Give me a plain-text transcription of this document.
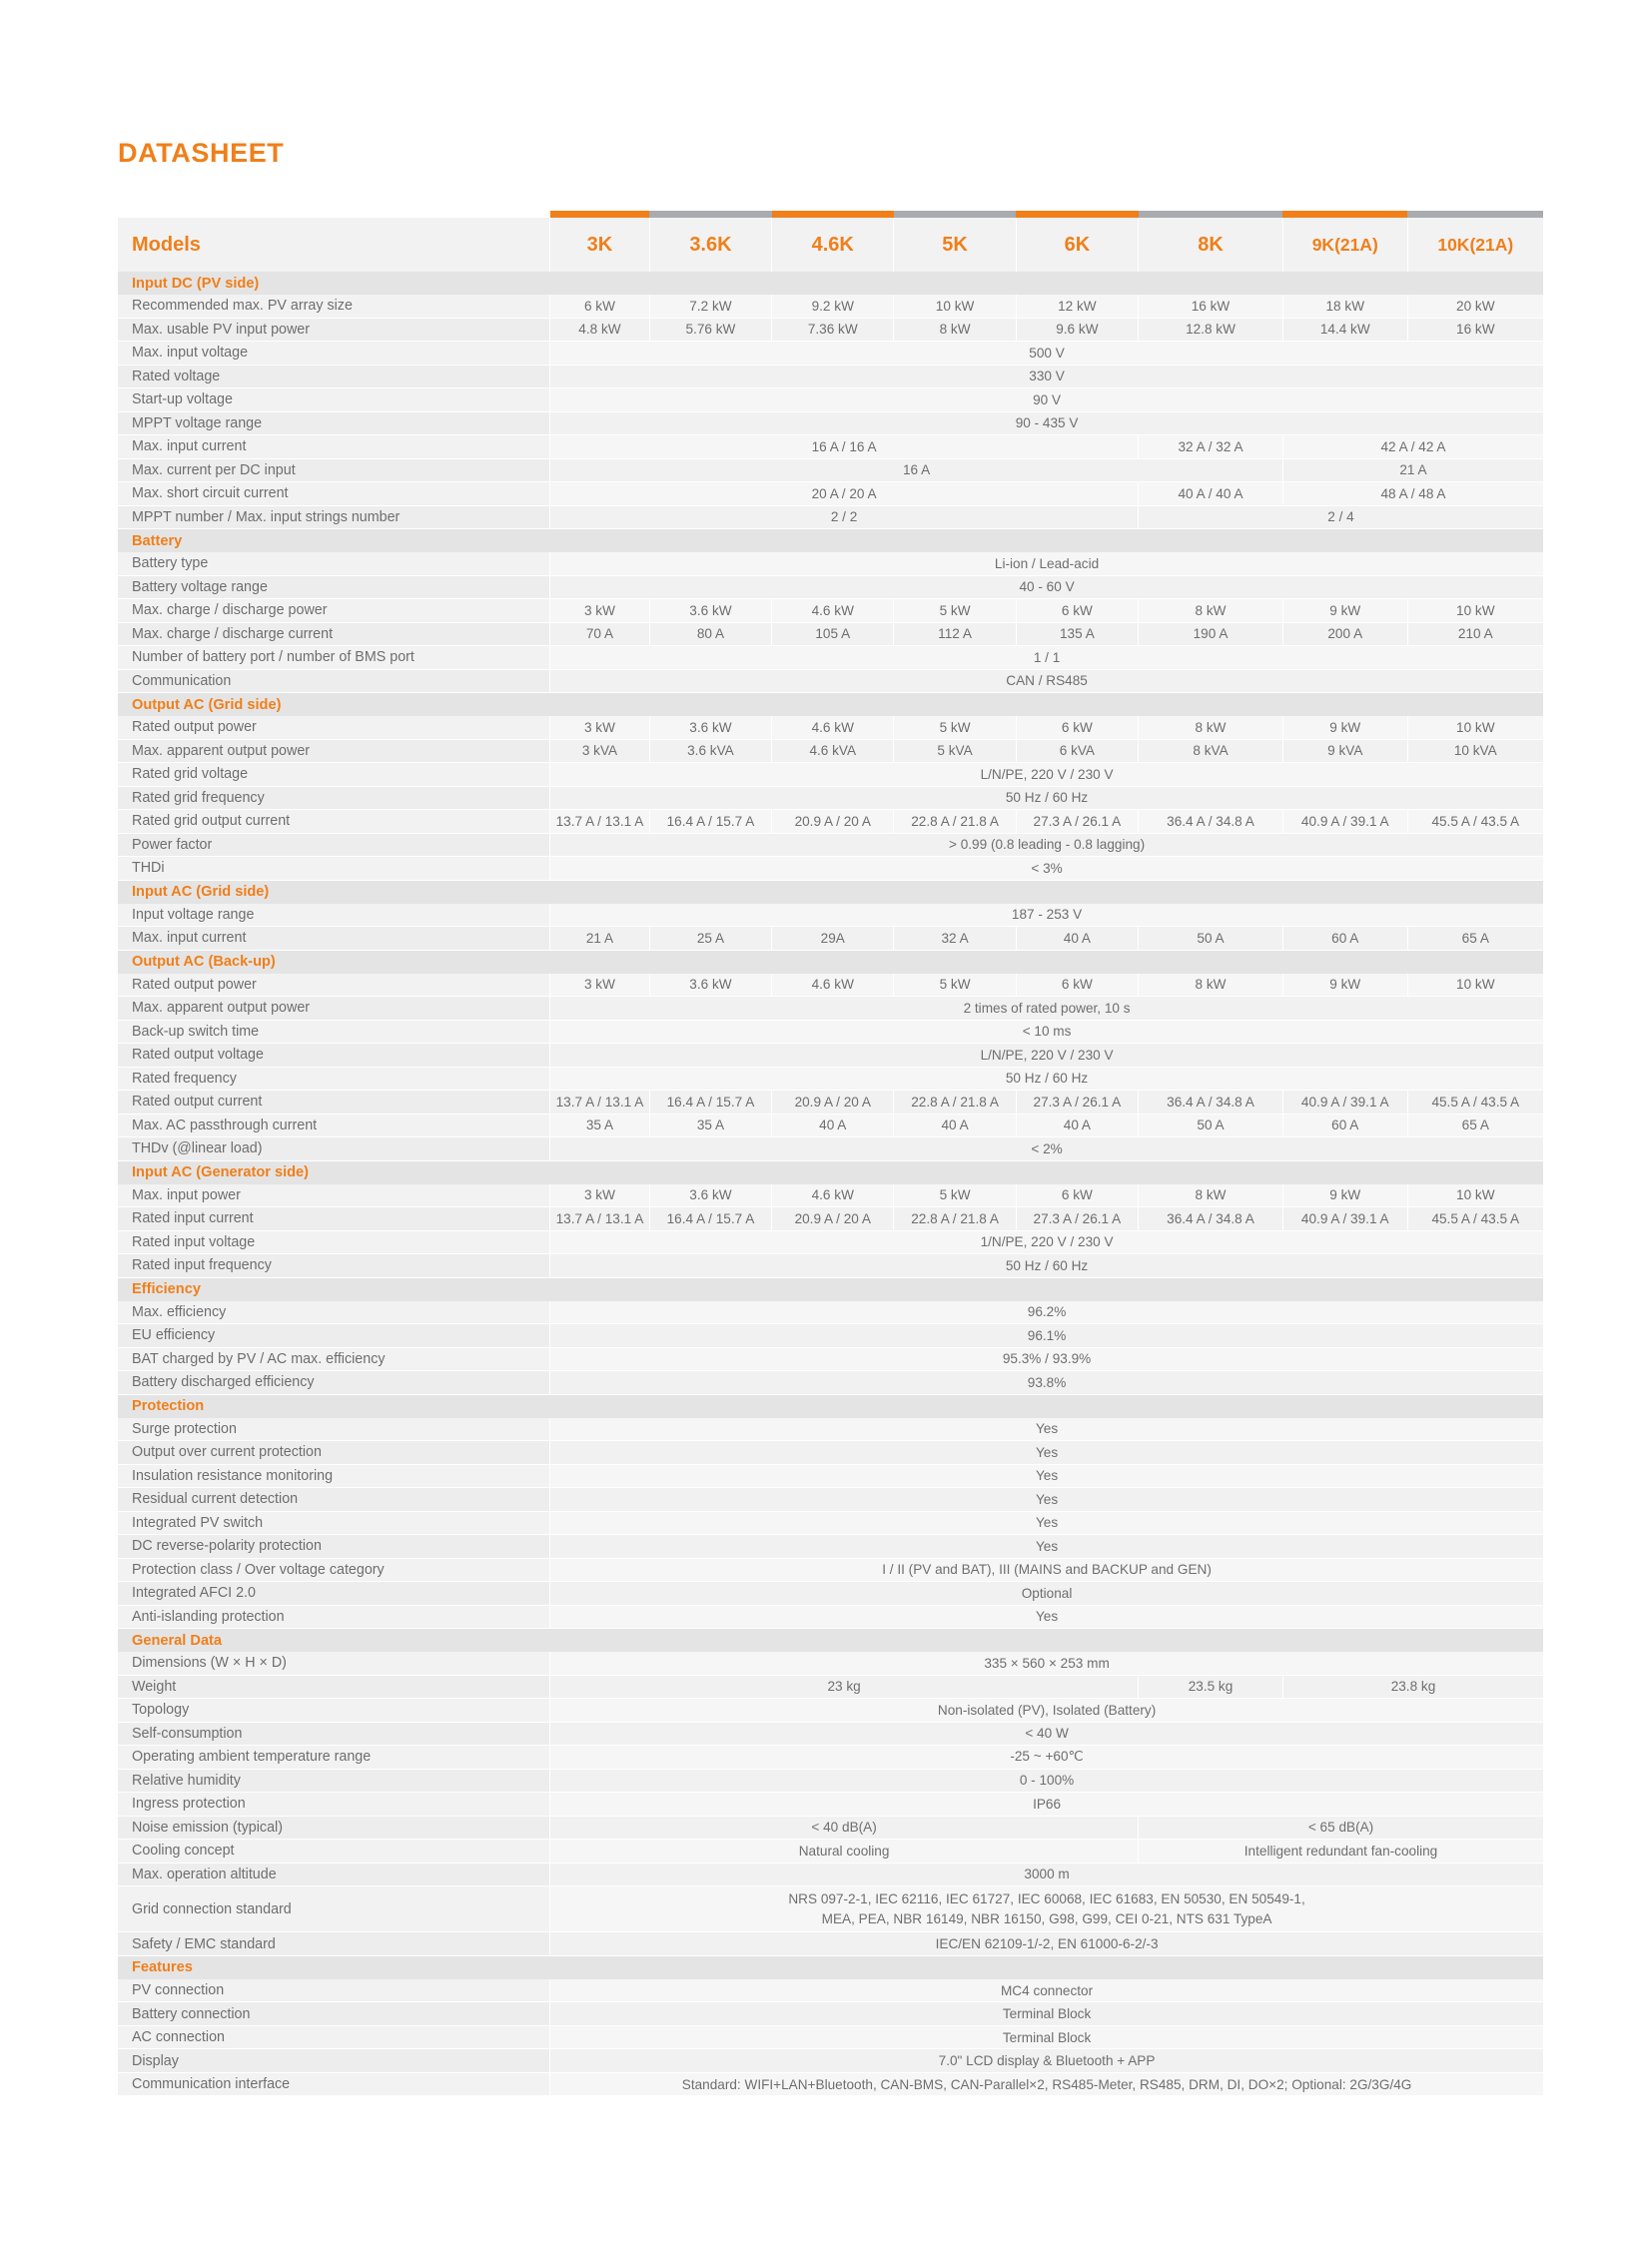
DATASHEET

Models	3K	3.6K	4.6K	5K	6K	8K	9K(21A)	10K(21A)
Input DC (PV side)								
Recommended max. PV array size	6 kW	7.2 kW	9.2 kW	10 kW	12 kW	16 kW	18 kW	20 kW
Max. usable PV input power	4.8 kW	5.76 kW	7.36 kW	8 kW	9.6 kW	12.8 kW	14.4 kW	16 kW
Max. input voltage	500 V							
Rated voltage	330 V							
Start-up voltage	90 V							
MPPT voltage range	90 - 435 V							
Max. input current	16 A / 16 A					32 A / 32 A	42 A / 42 A	
Max. current per DC input	16 A						21 A	
Max. short circuit current	20 A / 20 A					40 A / 40 A	48 A / 48 A	
MPPT number / Max. input strings number	2 / 2					2 / 4		
Battery								
Battery type	Li-ion / Lead-acid							
Battery voltage range	40 - 60 V							
Max. charge / discharge power	3 kW	3.6 kW	4.6 kW	5 kW	6 kW	8 kW	9 kW	10 kW
Max. charge / discharge current	70 A	80 A	105 A	112 A	135 A	190 A	200 A	210 A
Number of battery port / number of BMS port	1 / 1							
Communication	CAN / RS485							
Output AC (Grid side)								
Rated output power	3 kW	3.6 kW	4.6 kW	5 kW	6 kW	8 kW	9 kW	10 kW
Max. apparent output power	3 kVA	3.6 kVA	4.6 kVA	5 kVA	6 kVA	8 kVA	9 kVA	10 kVA
Rated grid voltage	L/N/PE, 220 V / 230 V							
Rated grid frequency	50 Hz / 60 Hz							
Rated grid output current	13.7 A / 13.1 A	16.4 A / 15.7 A	20.9 A / 20 A	22.8 A / 21.8 A	27.3 A / 26.1 A	36.4 A / 34.8 A	40.9 A / 39.1 A	45.5 A / 43.5 A
Power factor	> 0.99 (0.8 leading - 0.8 lagging)							
THDi	< 3%							
Input AC (Grid side)								
Input voltage range	187 - 253 V							
Max. input current	21 A	25 A	29A	32 A	40 A	50 A	60 A	65 A
Output AC (Back-up)								
Rated output power	3 kW	3.6 kW	4.6 kW	5 kW	6 kW	8 kW	9 kW	10 kW
Max. apparent output power	2 times of rated power, 10 s							
Back-up switch time	< 10 ms							
Rated output voltage	L/N/PE, 220 V / 230 V							
Rated frequency	50 Hz / 60 Hz							
Rated output current	13.7 A / 13.1 A	16.4 A / 15.7 A	20.9 A / 20 A	22.8 A / 21.8 A	27.3 A / 26.1 A	36.4 A / 34.8 A	40.9 A / 39.1 A	45.5 A / 43.5 A
Max. AC passthrough current	35 A	35 A	40 A	40 A	40 A	50 A	60 A	65 A
THDv (@linear load)	< 2%							
Input AC (Generator side)								
Max. input power	3 kW	3.6 kW	4.6 kW	5 kW	6 kW	8 kW	9 kW	10 kW
Rated input current	13.7 A / 13.1 A	16.4 A / 15.7 A	20.9 A / 20 A	22.8 A / 21.8 A	27.3 A / 26.1 A	36.4 A / 34.8 A	40.9 A / 39.1 A	45.5 A / 43.5 A
Rated input voltage	1/N/PE, 220 V / 230 V							
Rated input frequency	50 Hz / 60 Hz							
Efficiency								
Max. efficiency	96.2%							
EU efficiency	96.1%							
BAT charged by PV / AC max. efficiency	95.3% / 93.9%							
Battery discharged efficiency	93.8%							
Protection								
Surge protection	Yes							
Output over current protection	Yes							
Insulation resistance monitoring	Yes							
Residual current detection	Yes							
Integrated PV switch	Yes							
DC reverse-polarity protection	Yes							
Protection class / Over voltage category	I / II (PV and BAT), III (MAINS and BACKUP and GEN)							
Integrated AFCI 2.0	Optional							
Anti-islanding protection	Yes							
General Data								
Dimensions (W × H × D)	335 × 560 × 253 mm							
Weight	23 kg					23.5 kg	23.8 kg	
Topology	Non-isolated (PV), Isolated (Battery)							
Self-consumption	< 40 W							
Operating ambient temperature range	-25 ~ +60℃							
Relative humidity	0 - 100%							
Ingress protection	IP66							
Noise emission (typical)	< 40 dB(A)					< 65 dB(A)		
Cooling concept	Natural cooling					Intelligent redundant fan-cooling		
Max. operation altitude	3000 m							
Grid connection standard	NRS 097-2-1, IEC 62116, IEC 61727, IEC 60068, IEC 61683, EN 50530, EN 50549-1,
MEA, PEA, NBR 16149, NBR 16150, G98, G99, CEI 0-21, NTS 631 TypeA							
Safety / EMC standard	IEC/EN 62109-1/-2, EN 61000-6-2/-3							
Features								
PV connection	MC4 connector							
Battery connection	Terminal Block							
AC connection	Terminal Block							
Display	7.0" LCD display & Bluetooth + APP							
Communication interface	Standard: WIFI+LAN+Bluetooth, CAN-BMS, CAN-Parallel×2, RS485-Meter, RS485, DRM, DI, DO×2; Optional: 2G/3G/4G							
